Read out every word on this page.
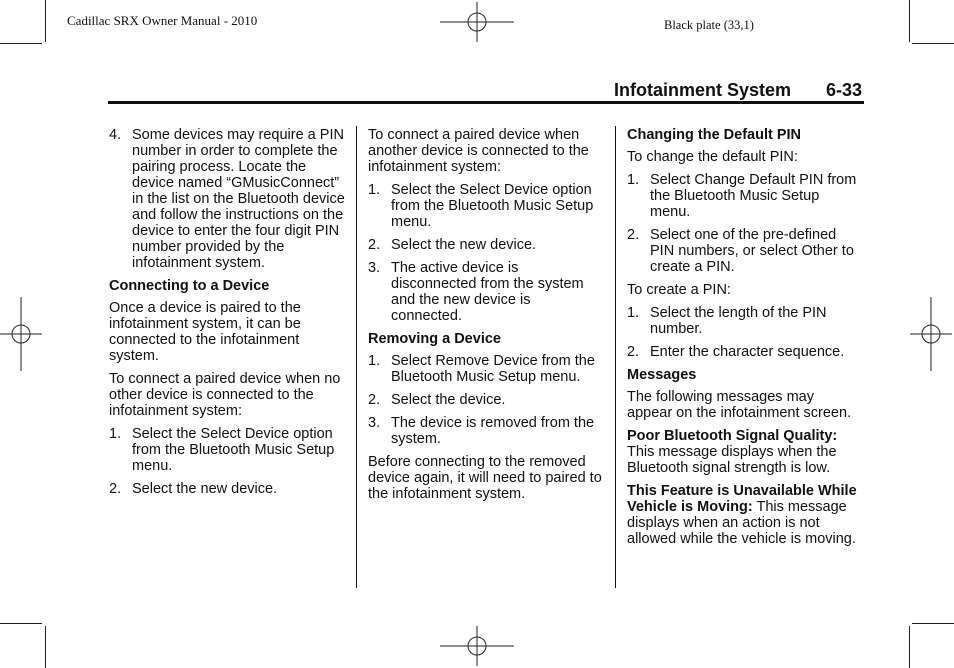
Cadillac SRX Owner Manual - 2010	Black plate (33,1)
Infotainment System 6-33
4. Some devices may require a PIN number in order to complete the pairing process. Locate the device named “GMusicConnect” in the list on the Bluetooth device and follow the instructions on the device to enter the four digit PIN number provided by the infotainment system.

Connecting to a Device

Once a device is paired to the infotainment system, it can be connected to the infotainment system.

To connect a paired device when no other device is connected to the infotainment system:

1. Select the Select Device option from the Bluetooth Music Setup menu.
2. Select the new device.

To connect a paired device when another device is connected to the infotainment system:

1. Select the Select Device option from the Bluetooth Music Setup menu.
2. Select the new device.
3. The active device is disconnected from the system and the new device is connected.

Removing a Device

1. Select Remove Device from the Bluetooth Music Setup menu.
2. Select the device.
3. The device is removed from the system.

Before connecting to the removed device again, it will need to paired to the infotainment system.

Changing the Default PIN

To change the default PIN:

1. Select Change Default PIN from the Bluetooth Music Setup menu.
2. Select one of the pre-defined PIN numbers, or select Other to create a PIN.

To create a PIN:

1. Select the length of the PIN number.
2. Enter the character sequence.

Messages

The following messages may appear on the infotainment screen.

Poor Bluetooth Signal Quality: This message displays when the Bluetooth signal strength is low.

This Feature is Unavailable While Vehicle is Moving: This message displays when an action is not allowed while the vehicle is moving.
